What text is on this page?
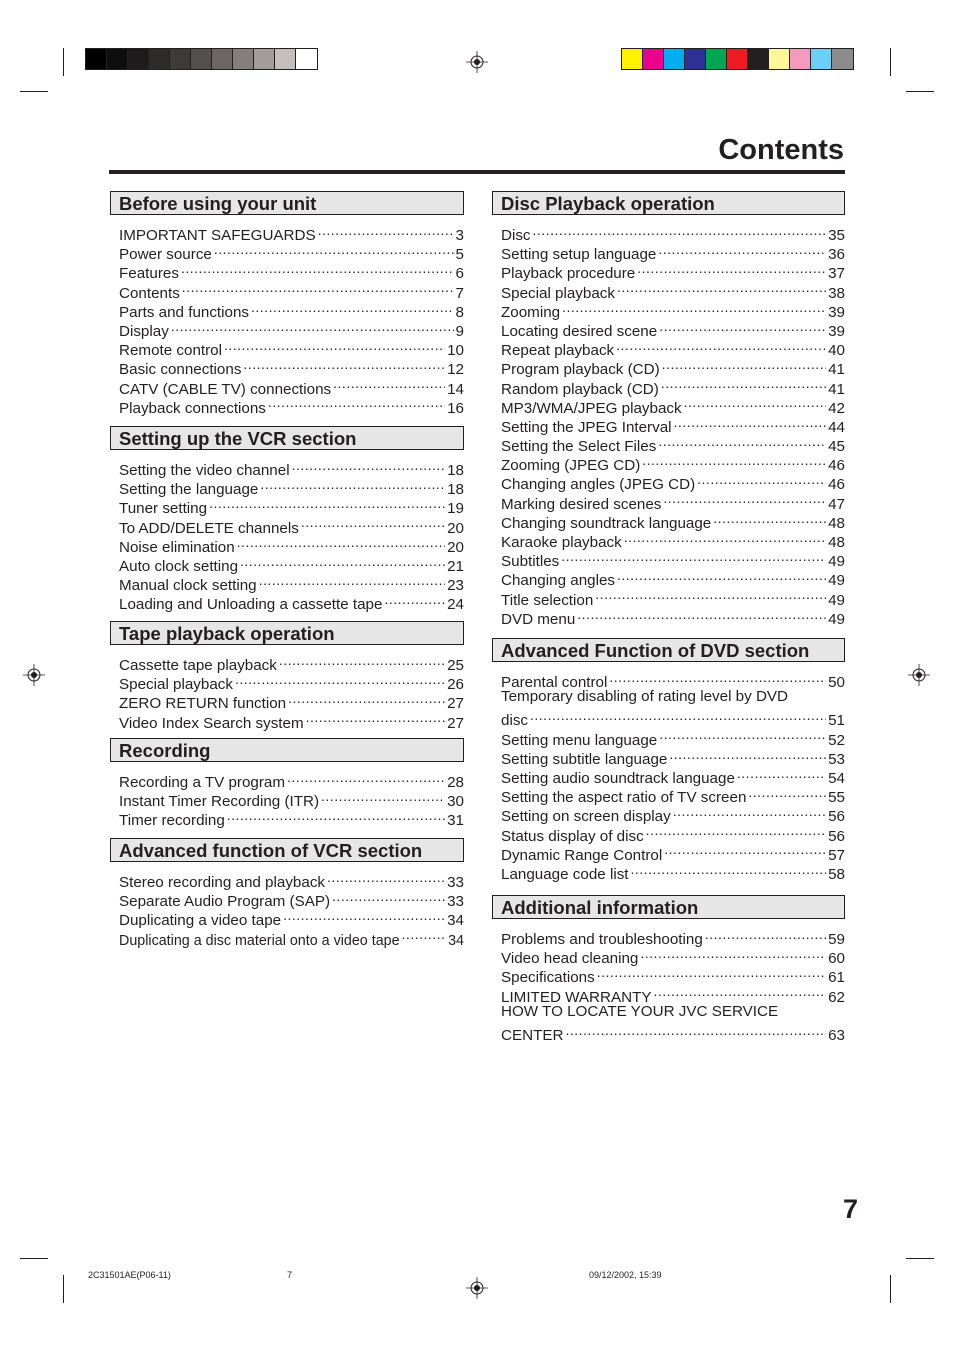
Contents
Before using your unit
IMPORTANT SAFEGUARDS .....	3
Power source .....	5
Features .....	6
Contents .....	7
Parts and functions .....	8
Display .....	9
Remote control .....	10
Basic connections .....	12
CATV (CABLE TV) connections .....	14
Playback connections .....	16
Setting up the VCR section
Setting the video channel .....	18
Setting the language .....	18
Tuner setting .....	19
To ADD/DELETE channels .....	20
Noise elimination .....	20
Auto clock setting .....	21
Manual clock setting .....	23
Loading and Unloading a cassette tape .....	24
Tape playback operation
Cassette tape playback .....	25
Special playback .....	26
ZERO RETURN function .....	27
Video Index Search system .....	27
Recording
Recording a TV program .....	28
Instant Timer Recording (ITR) .....	30
Timer recording .....	31
Advanced function of VCR section
Stereo recording and playback .....	33
Separate Audio Program (SAP) .....	33
Duplicating a video tape .....	34
Duplicating a disc material onto a video tape .....	34
Disc Playback operation
Disc .....	35
Setting setup language .....	36
Playback procedure .....	37
Special playback .....	38
Zooming .....	39
Locating desired scene .....	39
Repeat playback .....	40
Program playback (CD) .....	41
Random playback (CD) .....	41
MP3/WMA/JPEG playback .....	42
Setting the JPEG Interval .....	44
Setting the Select Files .....	45
Zooming (JPEG CD) .....	46
Changing angles (JPEG CD) .....	46
Marking desired scenes .....	47
Changing soundtrack language .....	48
Karaoke playback .....	48
Subtitles .....	49
Changing angles .....	49
Title selection .....	49
DVD menu .....	49
Advanced Function of DVD section
Parental control .....	50
Temporary disabling of rating level by DVD
disc .....	51
Setting menu language .....	52
Setting subtitle language .....	53
Setting audio soundtrack language .....	54
Setting the aspect ratio of TV screen .....	55
Setting on screen display .....	56
Status display of disc .....	56
Dynamic Range Control .....	57
Language code list .....	58
Additional information
Problems and troubleshooting .....	59
Video head cleaning .....	60
Specifications .....	61
LIMITED WARRANTY .....	62
HOW TO LOCATE YOUR JVC SERVICE
CENTER .....	63
7
2C31501AE(P06-11)	7	09/12/2002, 15:39
